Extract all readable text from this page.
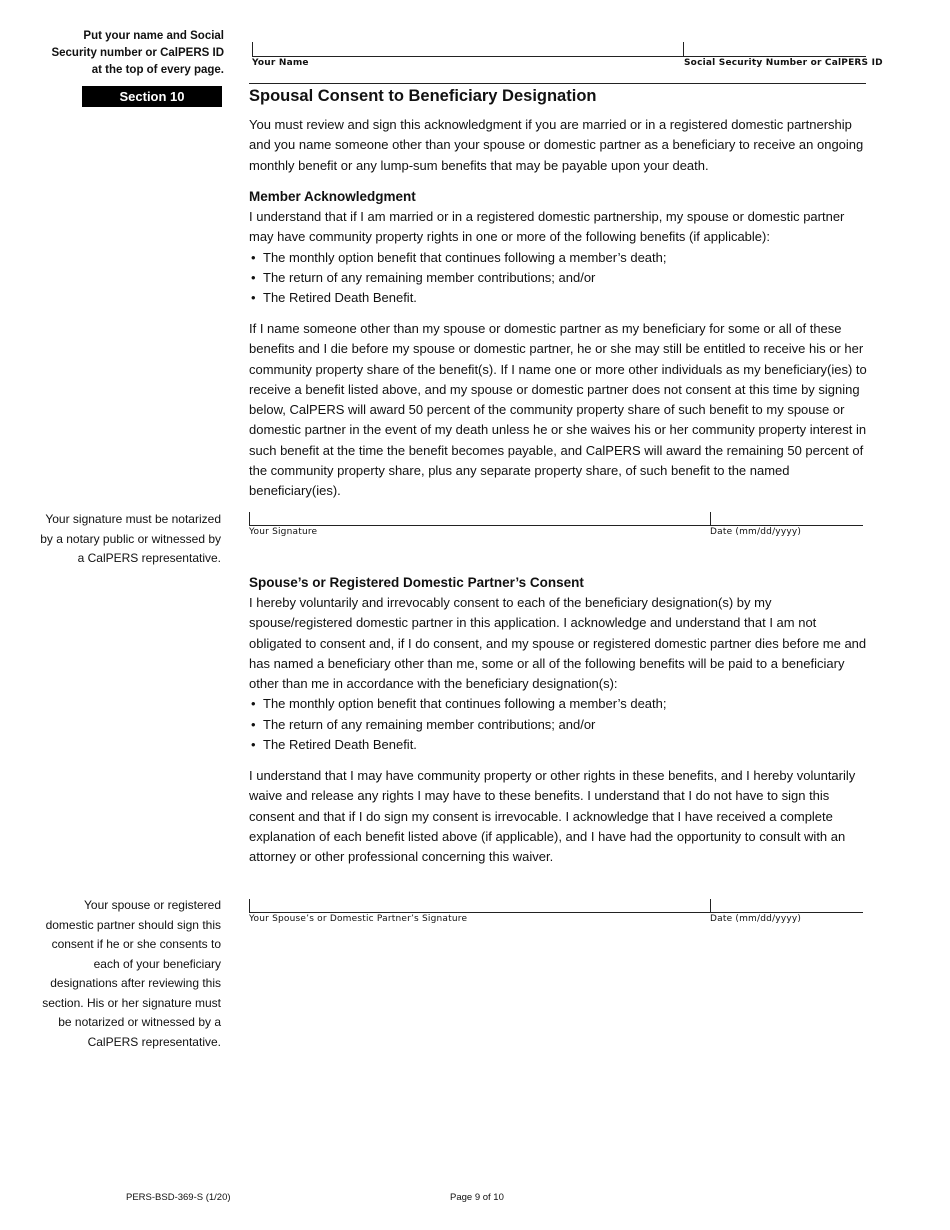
Put your name and Social Security number or CalPERS ID at the top of every page.
Your Name	Social Security Number or CalPERS ID
Section 10	Spousal Consent to Beneficiary Designation
You must review and sign this acknowledgment if you are married or in a registered domestic partnership and you name someone other than your spouse or domestic partner as a beneficiary to receive an ongoing monthly benefit or any lump-sum benefits that may be payable upon your death.

Member Acknowledgment

I understand that if I am married or in a registered domestic partnership, my spouse or domestic partner may have community property rights in one or more of the following benefits (if applicable):

• The monthly option benefit that continues following a member’s death;
• The return of any remaining member contributions; and/or
• The Retired Death Benefit.
If I name someone other than my spouse or domestic partner as my beneficiary for some or all of these benefits and I die before my spouse or domestic partner, he or she may still be entitled to receive his or her community property share of the benefit(s). If I name one or more other individuals as my beneficiary(ies) to receive a benefit listed above, and my spouse or domestic partner does not consent at this time by signing below, CalPERS will award 50 percent of the community property share of such benefit to my spouse or domestic partner in the event of my death unless he or she waives his or her community property interest in such benefit at the time the benefit becomes payable, and CalPERS will award the remaining 50 percent of the community property share, plus any separate property share, of such benefit to the named beneficiary(ies).
Your signature must be notarized by a notary public or witnessed by a CalPERS representative.
Your Signature	Date (mm/dd/yyyy)

Spouse’s or Registered Domestic Partner’s Consent

I hereby voluntarily and irrevocably consent to each of the beneficiary designation(s) by my spouse/registered domestic partner in this application. I acknowledge and understand that I am not obligated to consent and, if I do consent, and my spouse or registered domestic partner dies before me and has named a beneficiary other than me, some or all of the following benefits will be paid to a beneficiary other than me in accordance with the beneficiary designation(s):

• The monthly option benefit that continues following a member’s death;
• The return of any remaining member contributions; and/or
• The Retired Death Benefit.
I understand that I may have community property or other rights in these benefits, and I hereby voluntarily waive and release any rights I may have to these benefits. I understand that I do not have to sign this consent and that if I do sign my consent is irrevocable. I acknowledge that I have received a complete explanation of each benefit listed above (if applicable), and I have had the opportunity to consult with an attorney or other professional concerning this waiver.
Your spouse or registered domestic partner should sign this consent if he or she consents to each of your beneficiary designations after reviewing this section. His or her signature must be notarized or witnessed by a CalPERS representative.
Your Spouse’s or Domestic Partner’s Signature	Date (mm/dd/yyyy)
PERS-BSD-369-S (1/20)	Page 9 of 10
